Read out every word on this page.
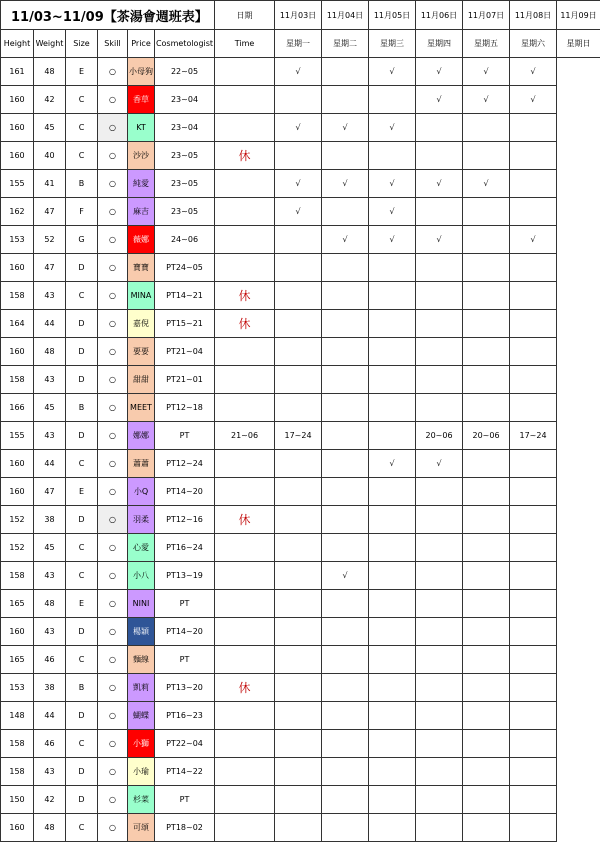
11/03~11/09【茶湯會週班表】						日期	11月03日	11月04日	11月05日	11月06日	11月07日	11月08日	11月09日
Height	Weight	Size	Skill	Price	Cosmetologist	Time	星期一	星期二	星期三	星期四	星期五	星期六	星期日
161	48	E	○	小母狗	22~05		√		√	√	√	√	
160	42	C	○	香草	23~04					√	√	√	
160	45	C	○	KT	23~04		√	√	√				
160	40	C	○	沙沙	23~05	休							
155	41	B	○	純愛	23~05		√	√	√	√	√		
162	47	F	○	麻吉	23~05		√		√				
153	52	G	○	薇娜	24~06			√	√	√		√	
160	47	D	○	寶寶	PT24~05								
158	43	C	○	MINA	PT14~21	休							
164	44	D	○	嘉倪	PT15~21	休							
160	48	D	○	要要	PT21~04								
158	43	D	○	甜甜	PT21~01								
166	45	B	○	MEET	PT12~18								
155	43	D	○	娜娜	PT	21~06	17~24			20~06	20~06	17~24	
160	44	C	○	蕭蕭	PT12~24				√	√			
160	47	E	○	小Q	PT14~20								
152	38	D	○	羽柔	PT12~16	休							
152	45	C	○	心愛	PT16~24								
158	43	C	○	小八	PT13~19			√					
165	48	E	○	NINI	PT								
160	43	D	○	楊穎	PT14~20								
165	46	C	○	麵線	PT								
153	38	B	○	凱莉	PT13~20	休							
148	44	D	○	蝴蝶	PT16~23								
158	46	C	○	小獅	PT22~04								
158	43	D	○	小瑜	PT14~22								
150	42	D	○	杉菜	PT								
160	48	C	○	可頌	PT18~02								
